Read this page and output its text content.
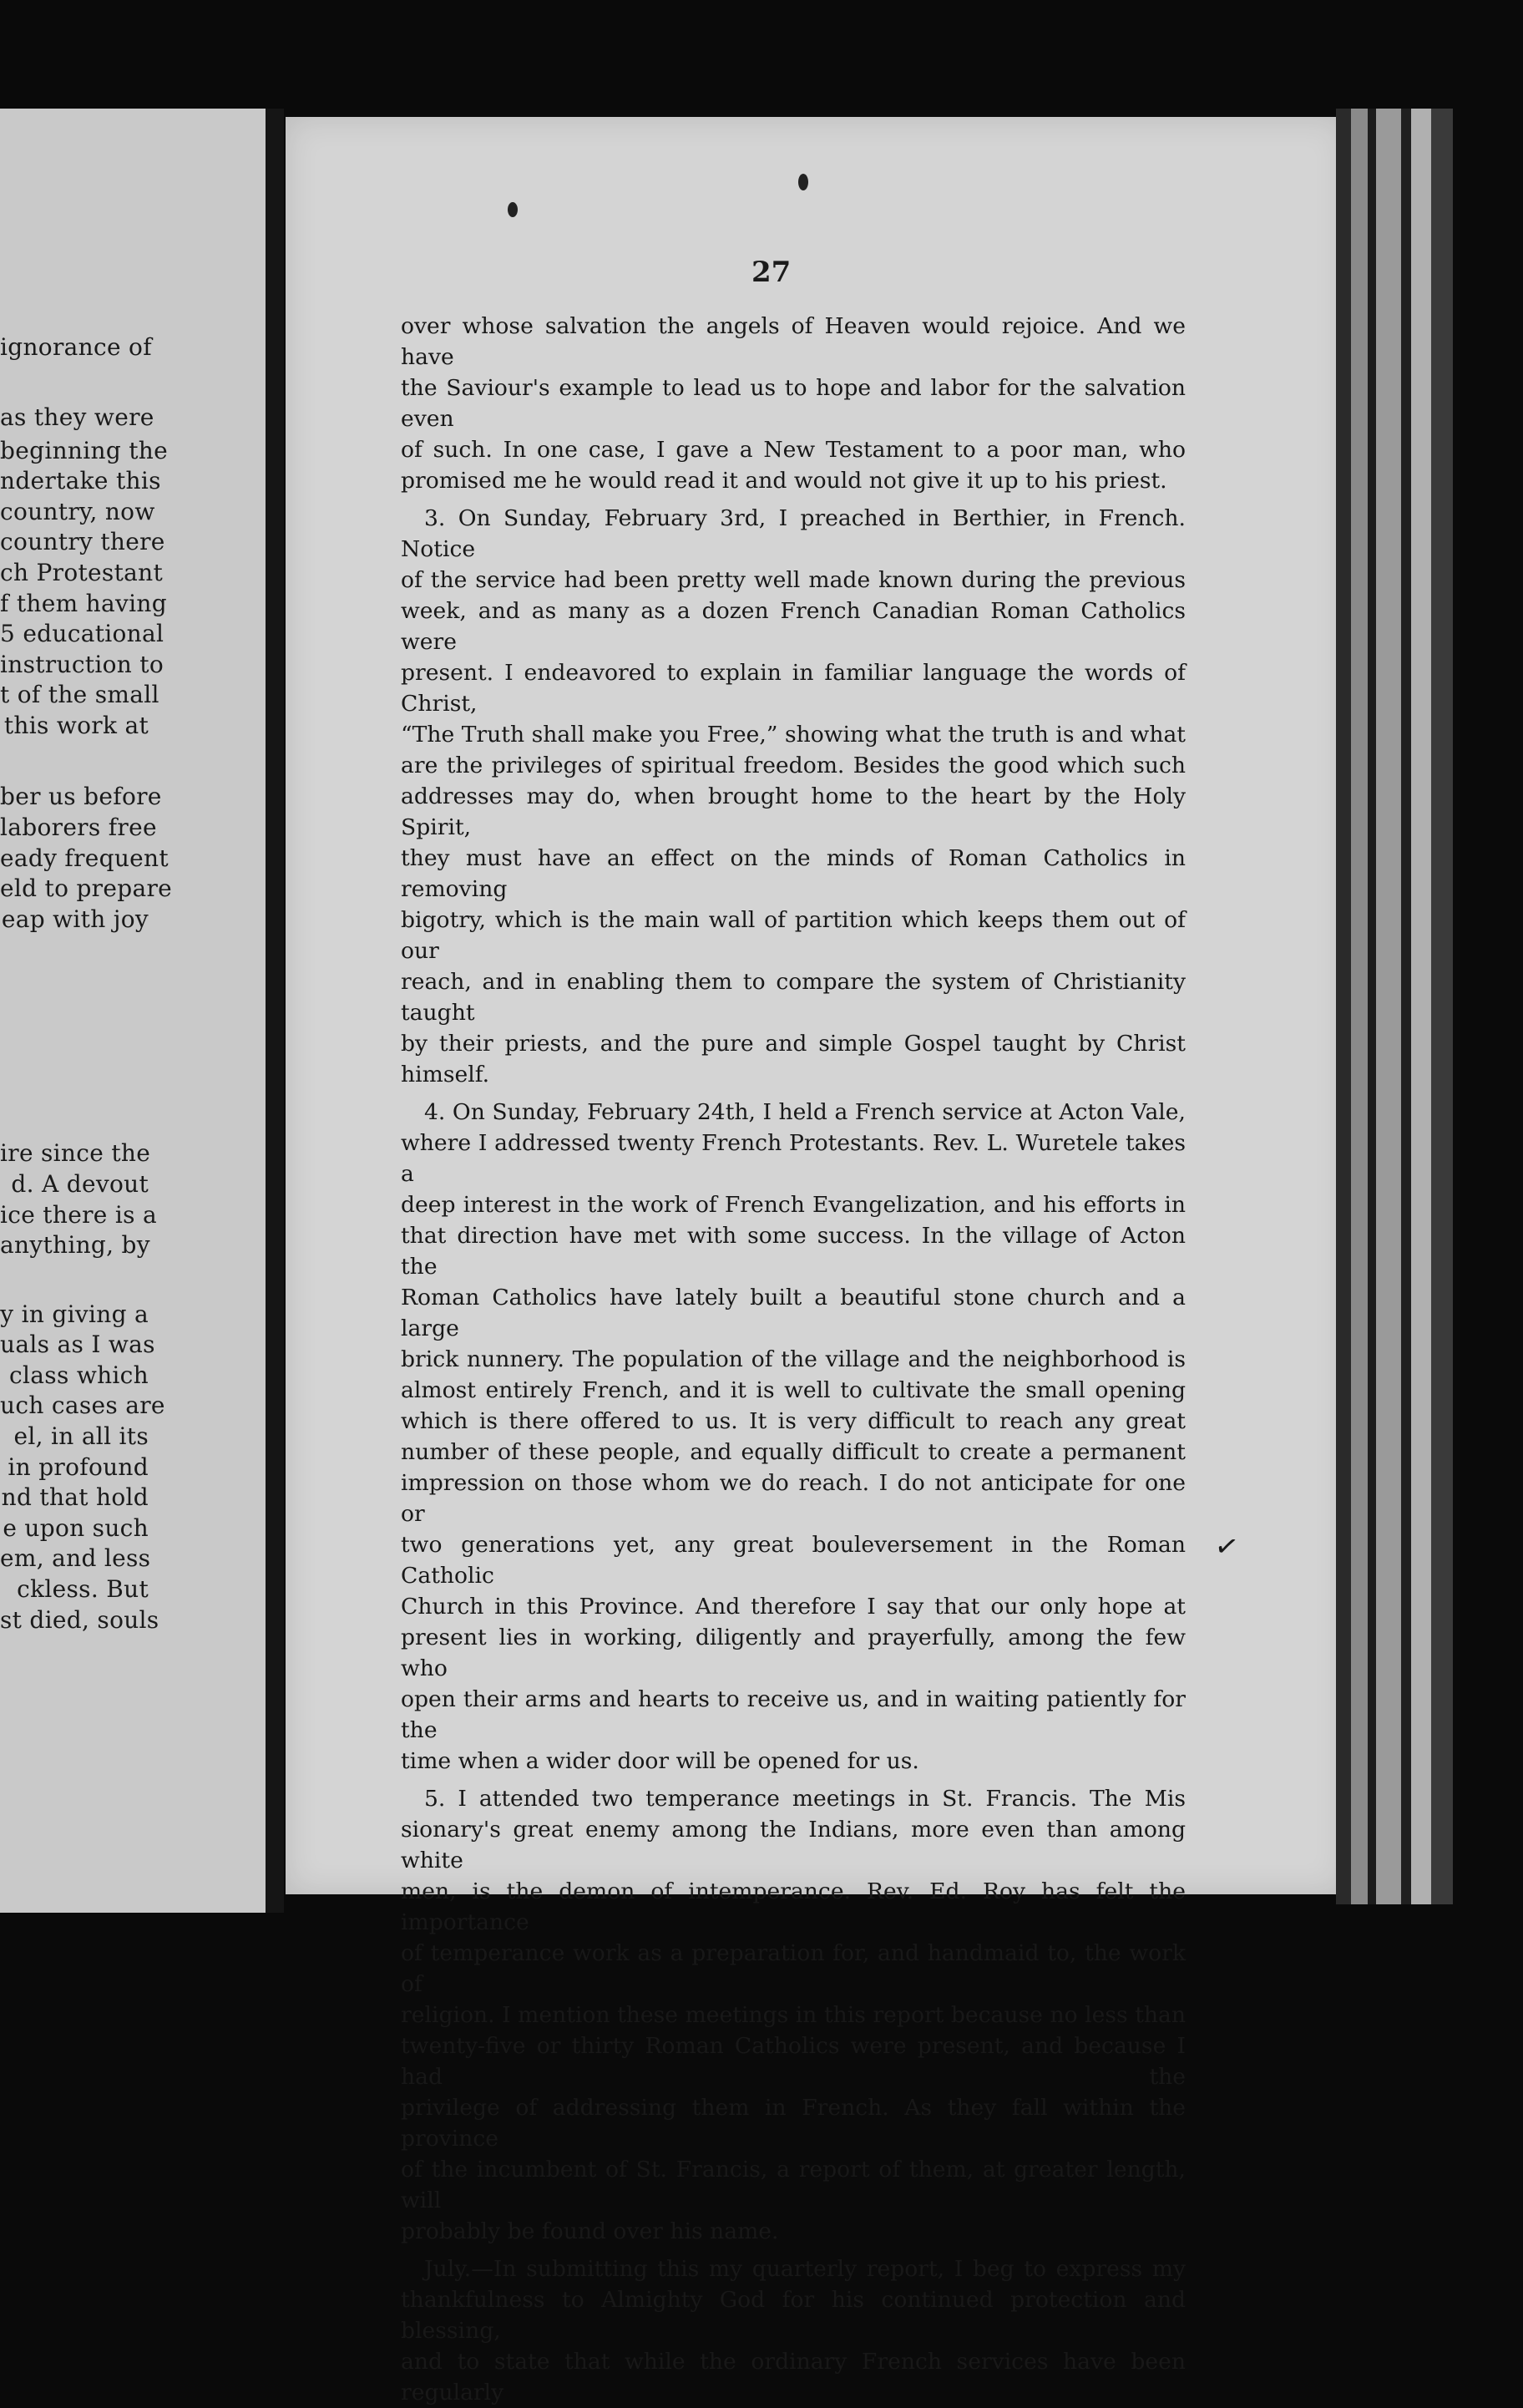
ignorance of
as they were
beginning the
ndertake this
country, now
country there
ch Protestant
f them having
5 educational
instruction to
t of the small
this work at
ber us before
laborers free
eady frequent
eld to prepare
eap with joy
ire since the
d. A devout
ice there is a
anything, by
y in giving a
uals as I was
class which
uch cases are
el, in all its
in profound
nd that hold
e upon such
em, and less
ckless. But
st died, souls
27
over whose salvation the angels of Heaven would rejoice. And we have
the Saviour's example to lead us to hope and labor for the salvation even
of such. In one case, I gave a New Testament to a poor man, who
promised me he would read it and would not give it up to his priest.
3. On Sunday, February 3rd, I preached in Berthier, in French. Notice
of the service had been pretty well made known during the previous
week, and as many as a dozen French Canadian Roman Catholics were
present. I endeavored to explain in familiar language the words of Christ,
“The Truth shall make you Free,” showing what the truth is and what
are the privileges of spiritual freedom. Besides the good which such
addresses may do, when brought home to the heart by the Holy Spirit,
they must have an effect on the minds of Roman Catholics in removing
bigotry, which is the main wall of partition which keeps them out of our
reach, and in enabling them to compare the system of Christianity taught
by their priests, and the pure and simple Gospel taught by Christ himself.
4. On Sunday, February 24th, I held a French service at Acton Vale,
where I addressed twenty French Protestants. Rev. L. Wuretele takes a
deep interest in the work of French Evangelization, and his efforts in
that direction have met with some success. In the village of Acton the
Roman Catholics have lately built a beautiful stone church and a large
brick nunnery. The population of the village and the neighborhood is
almost entirely French, and it is well to cultivate the small opening
which is there offered to us. It is very difficult to reach any great
number of these people, and equally difficult to create a permanent
impression on those whom we do reach. I do not anticipate for one or
two generations yet, any great bouleversement in the Roman Catholic
Church in this Province. And therefore I say that our only hope at
present lies in working, diligently and prayerfully, among the few who
open their arms and hearts to receive us, and in waiting patiently for the
time when a wider door will be opened for us.
5. I attended two temperance meetings in St. Francis. The Mis
sionary's great enemy among the Indians, more even than among white
men, is the demon of intemperance. Rev. Ed. Roy has felt the importance
of temperance work as a preparation for, and handmaid to, the work of
religion. I mention these meetings in this report because no less than
twenty-five or thirty Roman Catholics were present, and because I had the
privilege of addressing them in French. As they fall within the province
of the incumbent of St. Francis, a report of them, at greater length, will
probably be found over his name.
July.—In submitting this my quarterly report, I beg to express my
thankfulness to Almighty God for his continued protection and blessing,
and to state that while the ordinary French services have been regularly
✓
